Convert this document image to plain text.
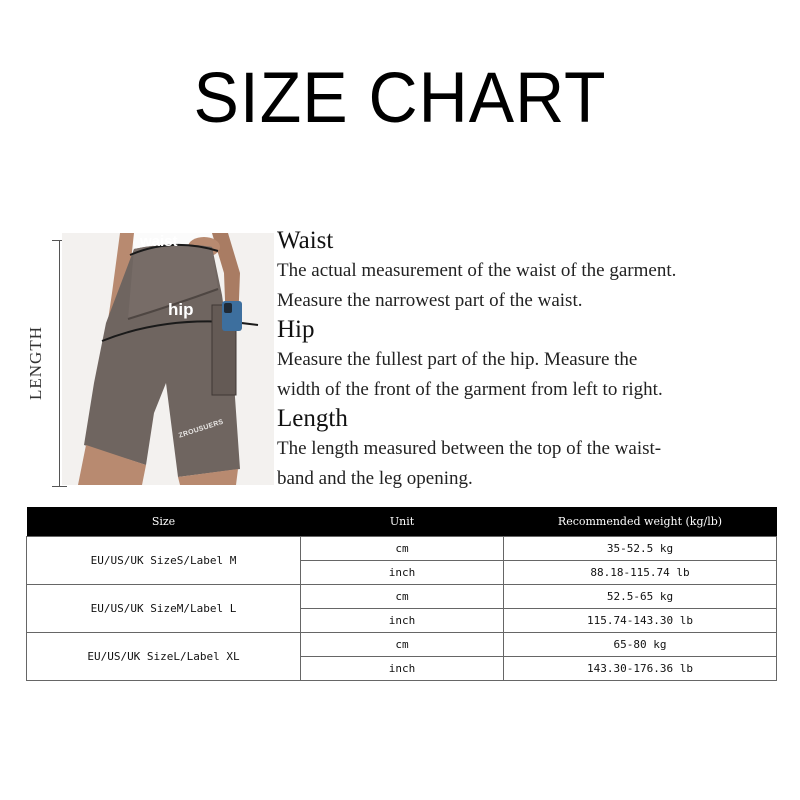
SIZE CHART
LENGTH
waist
hip
ZROUSUERS
Waist

The actual measurement of the waist of the garment.

Measure the narrowest part of the waist.

Hip

Measure the fullest part of the hip. Measure the

width of the front of the garment from left to right.

Length

The length measured between the top of the waist-

band and the leg opening.

Size	Unit	Recommended weight (kg/lb)
EU/US/UK SizeS/Label M	cm	35-52.5 kg
	inch	88.18-115.74 lb
EU/US/UK SizeM/Label L	cm	52.5-65 kg
	inch	115.74-143.30 lb
EU/US/UK SizeL/Label XL	cm	65-80 kg
	inch	143.30-176.36 lb
